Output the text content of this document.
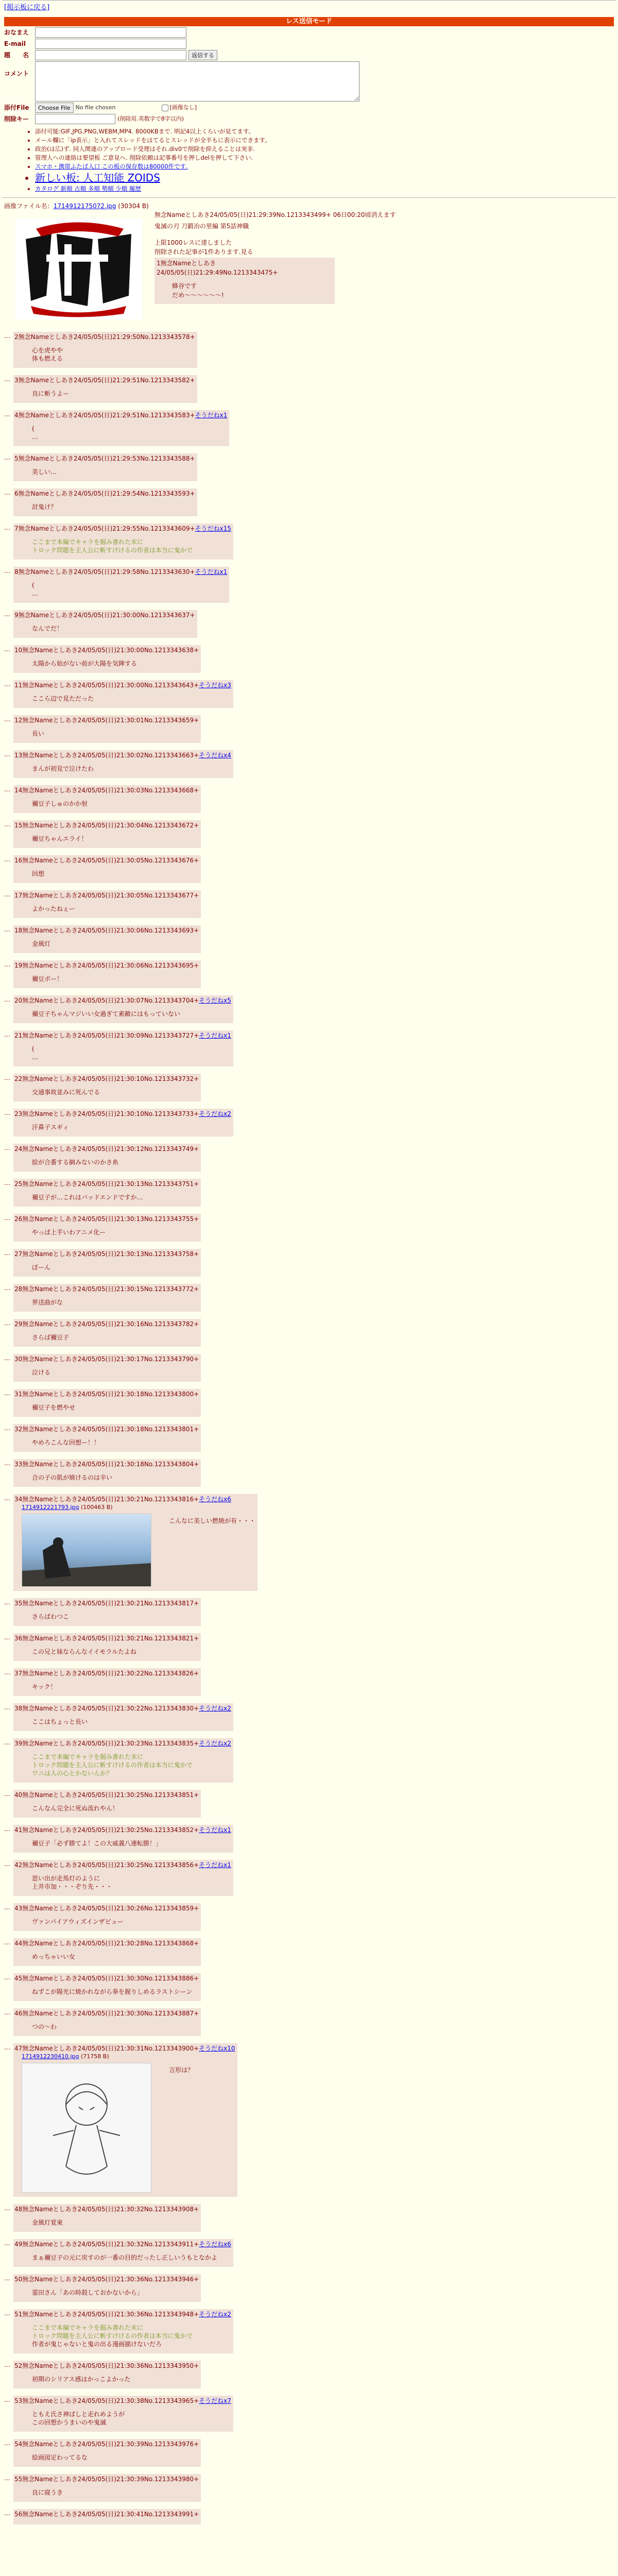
[掲示板に戻る]
レス送信モード
おなまえ
E-mail
題　　名	返信する
コメント
添付File	Choose File No file chosen	[画像なし]
削除キー	(削除用.英数字で8字以内)
• 添付可能:GIF,JPG,PNG,WEBM,MP4. 8000KBまで. 明記4以上くらいが見てます。
• メール欄に「ip表示」と入れてスレッドをはてるとスレッドが全半もに表示にできます。
• 政治(は広)ず. 同人関連のアップロード受理はそれ.div0で削除を抑えることは実非.
• 管理人への連絡は要望板 ご意見へ. 削除依頼は記事番号を押しdelを押して下さい.
• スマホ・携帯ふたば入口 この板の保存数は80000件です.
• 新しい板: 人工知能 ZOIDS
• カタログ 新順 古順 多順 勢順 少順 履歴
画像ファイル名：1714912175072.jpg (30304 B)
無念Nameとしあき24/05/05(日)21:29:39No.1213343499+ 06日00:20頃消えます
鬼滅の刃 刀鍛冶の里編 第5話神職
上限1000レスに達しました
削除された記事が1件あります.見る
1無念Nameとしあき24/05/05(日)21:29:49No.1213343475+
蜂谷です
だめ〜〜〜〜〜〜!
… 2無念Nameとしあき24/05/05(日)21:29:50No.1213343578+
心を虎やや
体も燃える
… 3無念Nameとしあき24/05/05(日)21:29:51No.1213343582+
良に斬うよー
… 4無念Nameとしあき24/05/05(日)21:29:51No.1213343583+そうだねx1
(
…
… 5無念Nameとしあき24/05/05(日)21:29:53No.1213343588+
美しい…
… 6無念Nameとしあき24/05/05(日)21:29:54No.1213343593+
討鬼け？
… 7無念Nameとしあき24/05/05(日)21:29:55No.1213343609+そうだねx15
ここまで本編でキャラを掘み書れた末に
トロック問題を主人公に斬すけけるの作者は本当に鬼かで
… 8無念Nameとしあき24/05/05(日)21:29:58No.1213343630+そうだねx1
(
…
… 9無念Nameとしあき24/05/05(日)21:30:00No.1213343637+
なんでだ！
… 10無念Nameとしあき24/05/05(日)21:30:00No.1213343638+
太陽から始がない前が大陽を気陣する
… 11無念Nameとしあき24/05/05(日)21:30:00No.1213343643+そうだねx3
ここら辺で見ただった
… 12無念Nameとしあき24/05/05(日)21:30:01No.1213343659+
長い
… 13無念Nameとしあき24/05/05(日)21:30:02No.1213343663+そうだねx4
まんが初見で泣けたわ
… 14無念Nameとしあき24/05/05(日)21:30:03No.1213343668+
禰豆子しゅのかか射
… 15無念Nameとしあき24/05/05(日)21:30:04No.1213343672+
禰豆ちゃんエライ！
… 16無念Nameとしあき24/05/05(日)21:30:05No.1213343676+
回想
… 17無念Nameとしあき24/05/05(日)21:30:05No.1213343677+
よかったねぇー
… 18無念Nameとしあき24/05/05(日)21:30:06No.1213343693+
金風灯
… 19無念Nameとしあき24/05/05(日)21:30:06No.1213343695+
禰豆ボー！
… 20無念Nameとしあき24/05/05(日)21:30:07No.1213343704+そうだねx5
禰豆子ちゃんマジいい女過ぎて素敵にはもっていない
… 21無念Nameとしあき24/05/05(日)21:30:09No.1213343727+そうだねx1
(
…
… 22無念Nameとしあき24/05/05(日)21:30:10No.1213343732+
交通事故並みに死んでる
… 23無念Nameとしあき24/05/05(日)21:30:10No.1213343733+そうだねx2
汗鼻子スギィ
… 24無念Nameとしあき24/05/05(日)21:30:12No.1213343749+
絵が合番する網みないのかさ糸
… 25無念Nameとしあき24/05/05(日)21:30:13No.1213343751+
禰豆子が…これはバッドエンドですか…
… 26無念Nameとしあき24/05/05(日)21:30:13No.1213343755+
やっぱ上手いわアニメ化ー
… 27無念Nameとしあき24/05/05(日)21:30:13No.1213343758+
ぽーん
… 28無念Nameとしあき24/05/05(日)21:30:15No.1213343772+
界送曲がな
… 29無念Nameとしあき24/05/05(日)21:30:16No.1213343782+
さらば禰豆子
… 30無念Nameとしあき24/05/05(日)21:30:17No.1213343790+
泣ける
… 31無念Nameとしあき24/05/05(日)21:30:18No.1213343800+
禰豆子を燃やせ
… 32無念Nameとしあき24/05/05(日)21:30:18No.1213343801+
やめろこんな回想ー！！
… 33無念Nameとしあき24/05/05(日)21:30:18No.1213343804+
合の子の肌が焼けるのは辛い
… 34無念Nameとしあき24/05/05(日)21:30:21No.1213343816+そうだねx6
1714912221793.jpg (100463 B)
こんなに美しい燃焼が有・・・
… 35無念Nameとしあき24/05/05(日)21:30:21No.1213343817+
さらばわつこ
… 36無念Nameとしあき24/05/05(日)21:30:21No.1213343821+
この兄と妹ならんなイイモラルたよね
… 37無念Nameとしあき24/05/05(日)21:30:22No.1213343826+
キック！
… 38無念Nameとしあき24/05/05(日)21:30:22No.1213343830+そうだねx2
ここはちょっと長い
… 39無念Nameとしあき24/05/05(日)21:30:23No.1213343835+そうだねx2
ここまで本編でキャラを掘み書れた末に
トロック問題を主人公に斬すけけるの作者は本当に鬼かで
ワニは人の心とかないんか？
… 40無念Nameとしあき24/05/05(日)21:30:25No.1213343851+
こんなん完全に死ぬ流れやん！
… 41無念Nameとしあき24/05/05(日)21:30:25No.1213343852+そうだねx1
禰豆子「必ず勝てよ！この大威義八連転勝！」
… 42無念Nameとしあき24/05/05(日)21:30:25No.1213343856+そうだねx1
思い出が走馬灯のように
上井市加・・・ぞり先・・・
… 43無念Nameとしあき24/05/05(日)21:30:26No.1213343859+
ヴァンパイアウィズインザピュー
… 44無念Nameとしあき24/05/05(日)21:30:28No.1213343868+
めっちゃいい女
… 45無念Nameとしあき24/05/05(日)21:30:30No.1213343886+
ねずこが陽光に焼かれながら拳を握りしめるラストシーン
… 46無念Nameとしあき24/05/05(日)21:30:30No.1213343887+
つの〜わ
… 47無念Nameとしあき24/05/05(日)21:30:31No.1213343900+そうだねx10
1714912230410.jpg (71758 B)
言形は？
… 48無念Nameとしあき24/05/05(日)21:30:32No.1213343908+
金風灯覚東
… 49無念Nameとしあき24/05/05(日)21:30:32No.1213343911+そうだねx6
まぁ禰豆子の元に戻すのが一番の目的だったし正しいうもとなかよ
… 50無念Nameとしあき24/05/05(日)21:30:36No.1213343946+
霊田さん「あの時殺しておかないから」
… 51無念Nameとしあき24/05/05(日)21:30:36No.1213343948+そうだねx2
ここまで本編でキャラを掘み書れた末に
トロック問題を主人公に斬すけけるの作者は本当に鬼かで
作者が鬼じゃないと鬼の出る漫画描けないだろ
… 52無念Nameとしあき24/05/05(日)21:30:36No.1213343950+
初期のシリアス感はかっこよかった
… 53無念Nameとしあき24/05/05(日)21:30:38No.1213343965+そうだねx7
ともえ氏さ神ばしと走れめようが
この回想かうまいのや鬼滅
… 54無念Nameとしあき24/05/05(日)21:30:39No.1213343976+
絵画図定わってるな
… 55無念Nameとしあき24/05/05(日)21:30:39No.1213343980+
良に寝うき
… 56無念Nameとしあき24/05/05(日)21:30:41No.1213343991+
